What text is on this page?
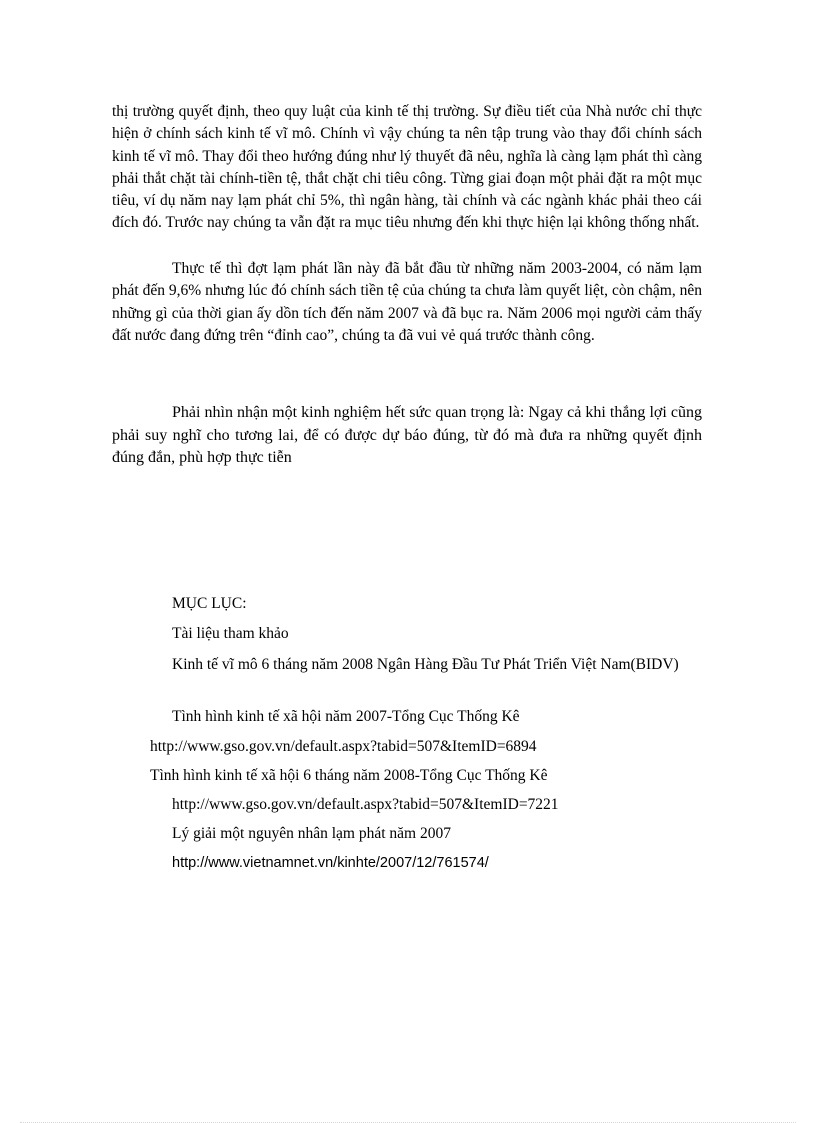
thị trường quyết định, theo quy luật của kinh tế thị trường. Sự điều tiết của Nhà nước chỉ thực hiện ở chính sách kinh tế vĩ mô. Chính vì vậy chúng ta nên tập trung vào thay đổi chính sách kinh tế vĩ mô. Thay đổi theo hướng đúng như lý thuyết đã nêu, nghĩa là càng lạm phát thì càng phải thắt chặt tài chính-tiền tệ, thắt chặt chi tiêu công. Từng giai đoạn một phải đặt ra một mục tiêu, ví dụ năm nay lạm phát chỉ 5%, thì ngân hàng, tài chính và các ngành khác phải theo cái đích đó. Trước nay chúng ta vẫn đặt ra mục tiêu nhưng đến khi thực hiện lại không thống nhất.

Thực tế thì đợt lạm phát lần này đã bắt đầu từ những năm 2003-2004, có năm lạm phát đến 9,6% nhưng lúc đó chính sách tiền tệ của chúng ta chưa làm quyết liệt, còn chậm, nên những gì của thời gian ấy dồn tích đến năm 2007 và đã bục ra. Năm 2006 mọi người cảm thấy đất nước đang đứng trên “đỉnh cao”, chúng ta đã vui vẻ quá trước thành công.

Phải nhìn nhận một kinh nghiệm hết sức quan trọng là: Ngay cả khi thắng lợi cũng phải suy nghĩ cho tương lai, để có được dự báo đúng, từ đó mà đưa ra những quyết định đúng đắn, phù hợp thực tiễn

MỤC LỤC:

Tài liệu tham khảo

Kinh tế vĩ mô 6 tháng năm 2008 Ngân Hàng Đầu Tư Phát Triển Việt Nam(BIDV)

Tình hình kinh tế xã hội năm 2007-Tổng Cục Thống Kê

http://www.gso.gov.vn/default.aspx?tabid=507&ItemID=6894

Tình hình kinh tế xã hội 6 tháng năm 2008-Tổng Cục Thống Kê

http://www.gso.gov.vn/default.aspx?tabid=507&ItemID=7221

Lý giải một nguyên nhân lạm phát năm 2007

http://www.vietnamnet.vn/kinhte/2007/12/761574/
